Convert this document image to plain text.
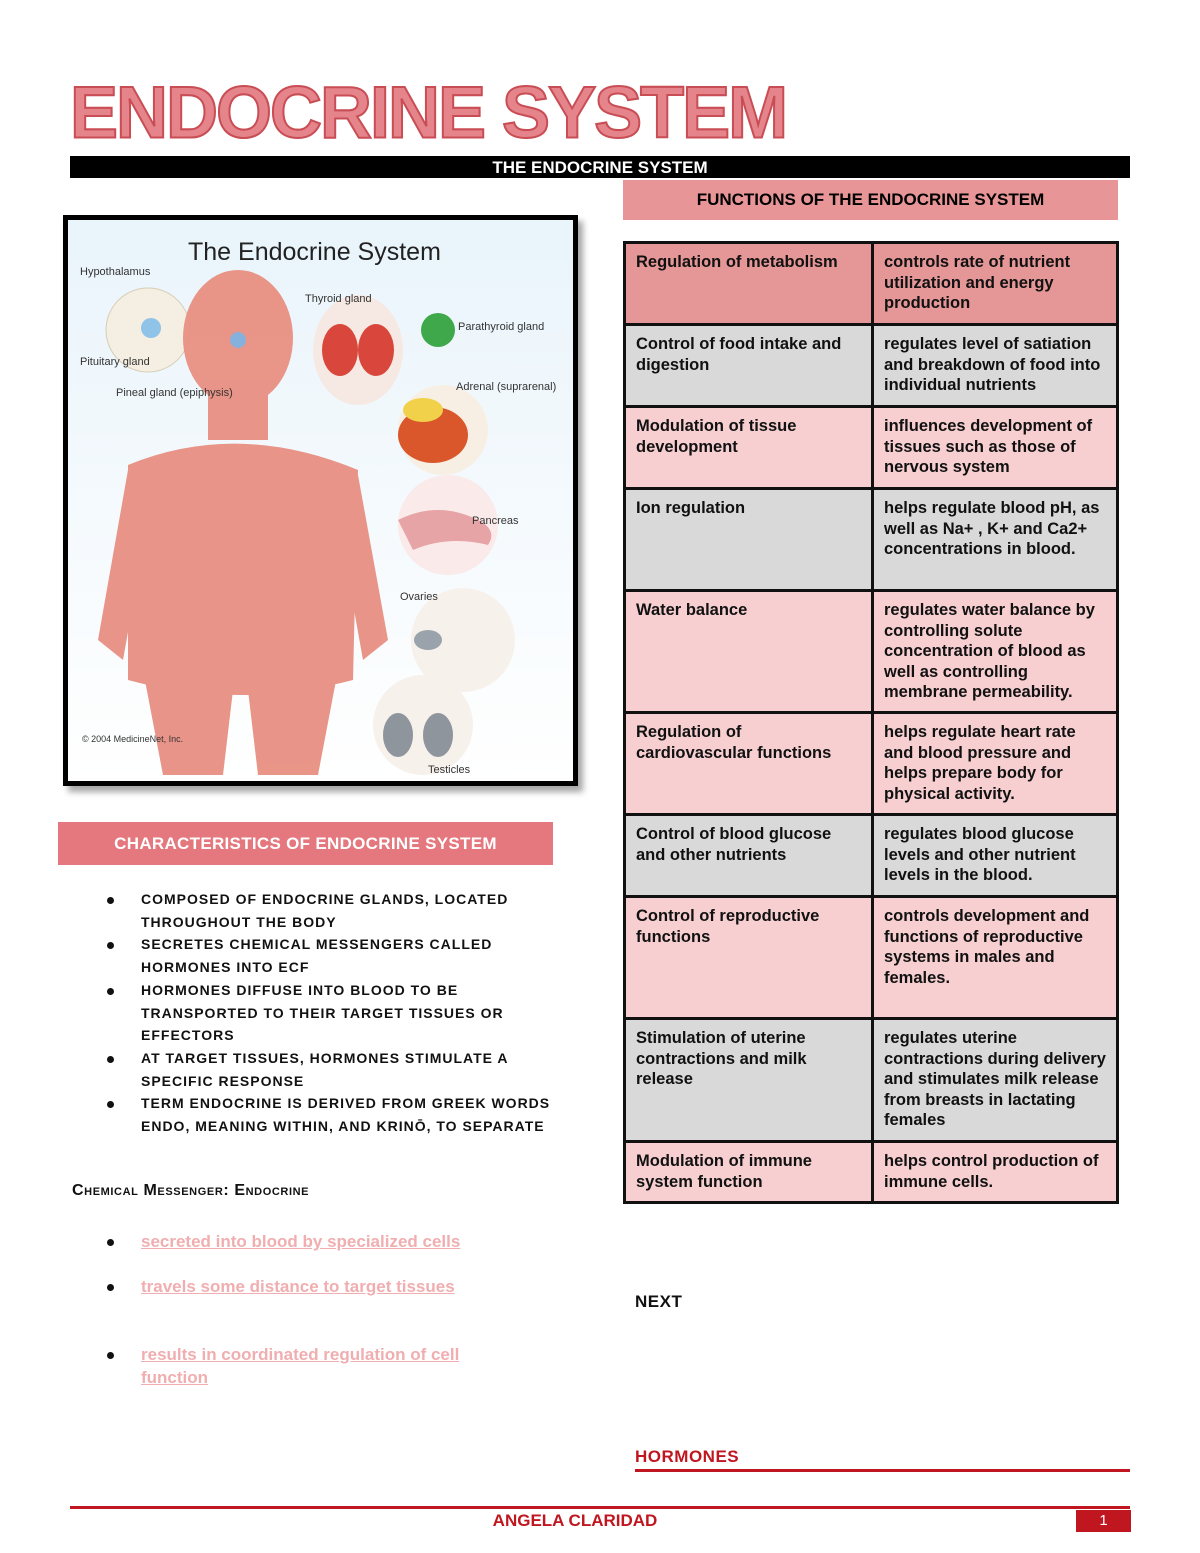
ENDOCRINE SYSTEM
THE ENDOCRINE SYSTEM
FUNCTIONS OF THE ENDOCRINE SYSTEM
The Endocrine System
Hypothalamus
Pituitary gland
Pineal gland (epiphysis)
Thyroid gland
Parathyroid gland
Adrenal (suprarenal)
Pancreas
Ovaries
Testicles
© 2004 MedicineNet, Inc.
CHARACTERISTICS OF ENDOCRINE SYSTEM
COMPOSED OF ENDOCRINE GLANDS, LOCATED THROUGHOUT THE BODY
SECRETES CHEMICAL MESSENGERS CALLED HORMONES INTO ECF
HORMONES DIFFUSE INTO BLOOD TO BE TRANSPORTED TO THEIR TARGET TISSUES OR EFFECTORS
AT TARGET TISSUES, HORMONES STIMULATE A SPECIFIC RESPONSE
TERM ENDOCRINE IS DERIVED FROM GREEK WORDS ENDO, MEANING WITHIN, AND KRINŌ, TO SEPARATE
Chemical Messenger: Endocrine
secreted into blood by specialized cells
travels some distance to target tissues
results in coordinated regulation of cell function
Regulation of metabolism	controls rate of nutrient utilization and energy production
Control of food intake and digestion	regulates level of satiation and breakdown of food into individual nutrients
Modulation of tissue development	influences development of tissues such as those of nervous system
Ion regulation	helps regulate blood pH, as well as Na+ , K+ and Ca2+ concentrations in blood.
Water balance	regulates water balance by controlling solute concentration of blood as well as controlling membrane permeability.
Regulation of cardiovascular functions	helps regulate heart rate and blood pressure and helps prepare body for physical activity.
Control of blood glucose and other nutrients	regulates blood glucose levels and other nutrient levels in the blood.
Control of reproductive functions	controls development and functions of reproductive systems in males and females.
Stimulation of uterine contractions and milk release	regulates uterine contractions during delivery and stimulates milk release from breasts in lactating females
Modulation of immune system function	helps control production of immune cells.
NEXT
HORMONES
ANGELA CLARIDAD	1
